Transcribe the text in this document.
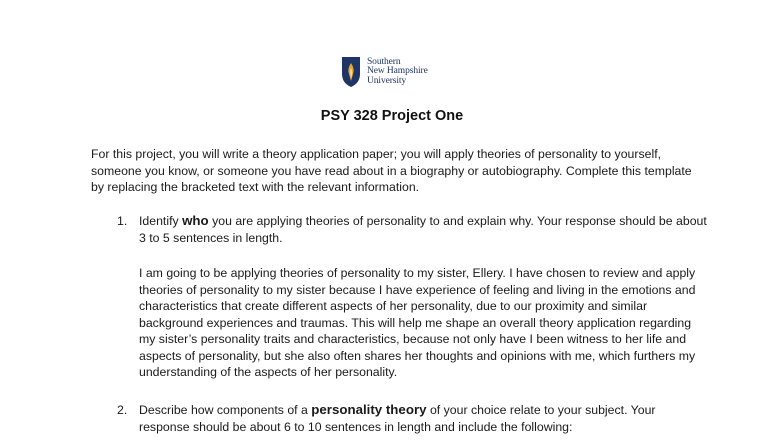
Southern
New Hampshire
University
PSY 328 Project One
For this project, you will write a theory application paper; you will apply theories of personality to yourself, someone you know, or someone you have read about in a biography or autobiography. Complete this template by replacing the bracketed text with the relevant information.
1. Identify who you are applying theories of personality to and explain why. Your response should be about 3 to 5 sentences in length.
I am going to be applying theories of personality to my sister, Ellery. I have chosen to review and apply theories of personality to my sister because I have experience of feeling and living in the emotions and characteristics that create different aspects of her personality, due to our proximity and similar background experiences and traumas. This will help me shape an overall theory application regarding my sister’s personality traits and characteristics, because not only have I been witness to her life and aspects of personality, but she also often shares her thoughts and opinions with me, which furthers my understanding of the aspects of her personality.
2. Describe how components of a personality theory of your choice relate to your subject. Your response should be about 6 to 10 sentences in length and include the following:
